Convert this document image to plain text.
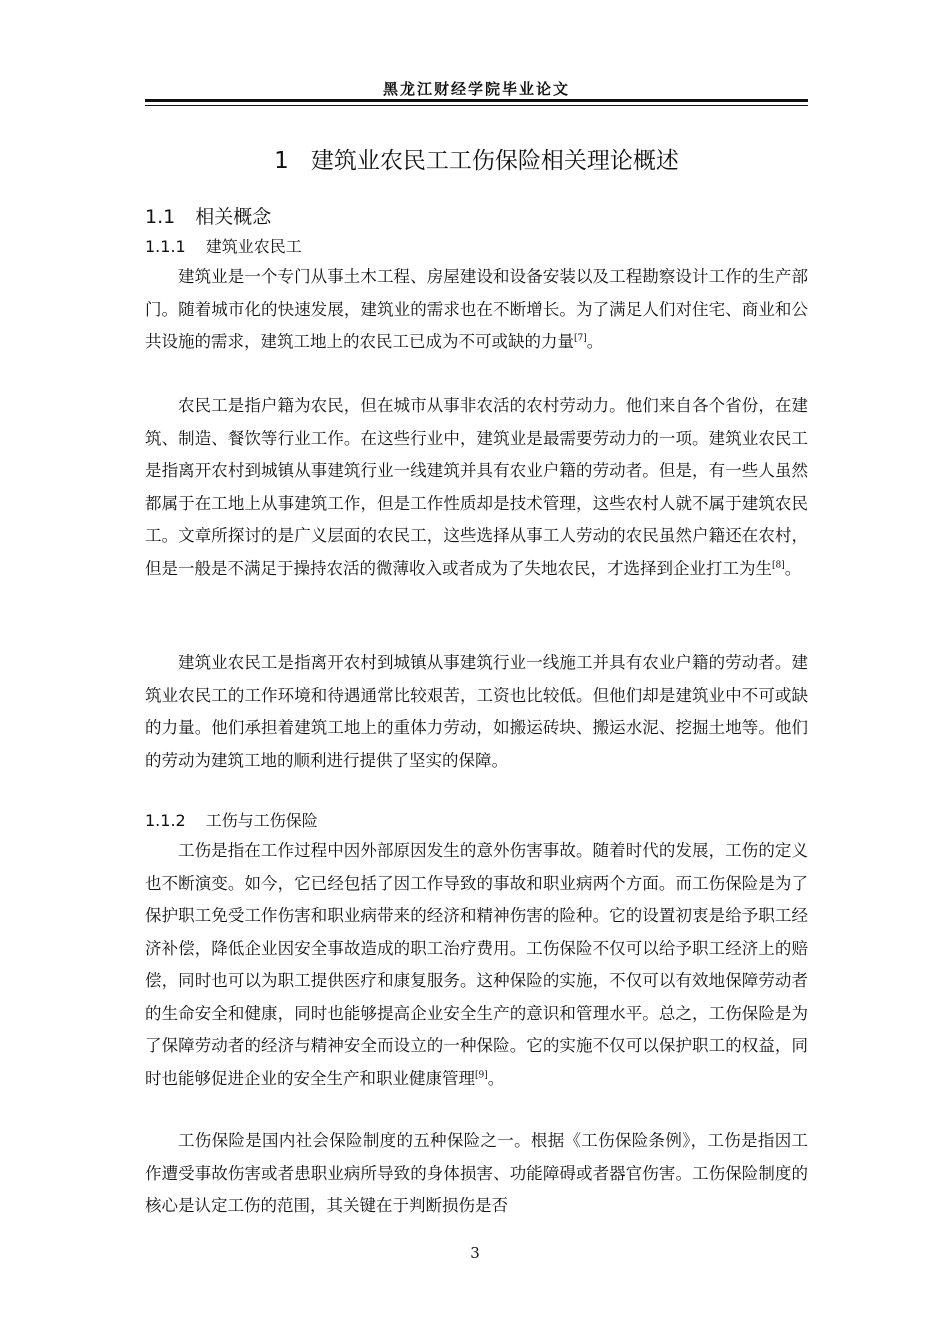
黑龙江财经学院毕业论文
1 建筑业农民工工伤保险相关理论概述
1.1 相关概念
1.1.1 建筑业农民工

建筑业是一个专门从事土木工程、房屋建设和设备安装以及工程勘察设计工作的生产部门。随着城市化的快速发展，建筑业的需求也在不断增长。为了满足人们对住宅、商业和公共设施的需求，建筑工地上的农民工已成为不可或缺的力量[7]。

农民工是指户籍为农民，但在城市从事非农活的农村劳动力。他们来自各个省份，在建筑、制造、餐饮等行业工作。在这些行业中，建筑业是最需要劳动力的一项。建筑业农民工是指离开农村到城镇从事建筑行业一线建筑并具有农业户籍的劳动者。但是，有一些人虽然都属于在工地上从事建筑工作，但是工作性质却是技术管理，这些农村人就不属于建筑农民工。文章所探讨的是广义层面的农民工，这些选择从事工人劳动的农民虽然户籍还在农村，但是一般是不满足于操持农活的微薄收入或者成为了失地农民，才选择到企业打工为生[8]。

建筑业农民工是指离开农村到城镇从事建筑行业一线施工并具有农业户籍的劳动者。建筑业农民工的工作环境和待遇通常比较艰苦，工资也比较低。但他们却是建筑业中不可或缺的力量。他们承担着建筑工地上的重体力劳动，如搬运砖块、搬运水泥、挖掘土地等。他们的劳动为建筑工地的顺利进行提供了坚实的保障。

1.1.2 工伤与工伤保险

工伤是指在工作过程中因外部原因发生的意外伤害事故。随着时代的发展，工伤的定义也不断演变。如今，它已经包括了因工作导致的事故和职业病两个方面。而工伤保险是为了保护职工免受工作伤害和职业病带来的经济和精神伤害的险种。它的设置初衷是给予职工经济补偿，降低企业因安全事故造成的职工治疗费用。工伤保险不仅可以给予职工经济上的赔偿，同时也可以为职工提供医疗和康复服务。这种保险的实施，不仅可以有效地保障劳动者的生命安全和健康，同时也能够提高企业安全生产的意识和管理水平。总之，工伤保险是为了保障劳动者的经济与精神安全而设立的一种保险。它的实施不仅可以保护职工的权益，同时也能够促进企业的安全生产和职业健康管理[9]。

工伤保险是国内社会保险制度的五种保险之一。根据《工伤保险条例》，工伤是指因工作遭受事故伤害或者患职业病所导致的身体损害、功能障碍或者器官伤害。工伤保险制度的核心是认定工伤的范围，其关键在于判断损伤是否

3
